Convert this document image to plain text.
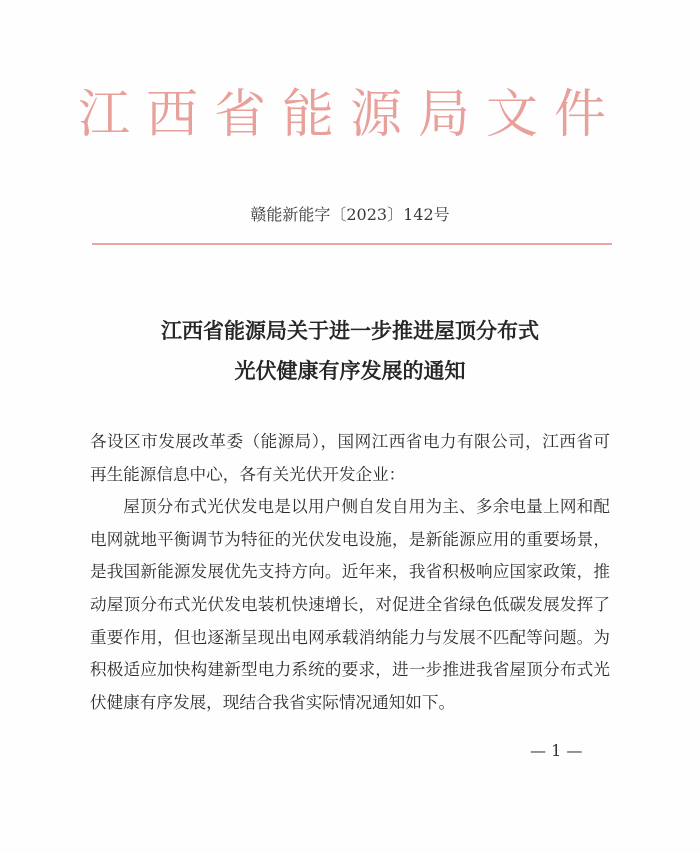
江西省能源局文件
赣能新能字〔2023〕142号
江西省能源局关于进一步推进屋顶分布式
光伏健康有序发展的通知

各设区市发展改革委（能源局），国网江西省电力有限公司，江西省可再生能源信息中心，各有关光伏开发企业：

屋顶分布式光伏发电是以用户侧自发自用为主、多余电量上网和配电网就地平衡调节为特征的光伏发电设施，是新能源应用的重要场景，是我国新能源发展优先支持方向。近年来，我省积极响应国家政策，推动屋顶分布式光伏发电装机快速增长，对促进全省绿色低碳发展发挥了重要作用，但也逐渐呈现出电网承载消纳能力与发展不匹配等问题。为积极适应加快构建新型电力系统的要求，进一步推进我省屋顶分布式光伏健康有序发展，现结合我省实际情况通知如下。

— 1 —
